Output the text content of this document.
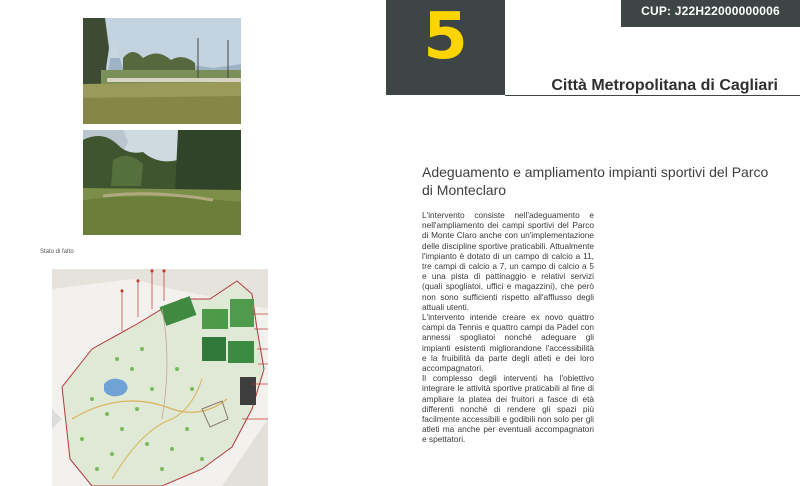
Stato di fatto
5	CUP: J22H22000000006
Città Metropolitana di Cagliari
Adeguamento e ampliamento impianti sportivi del Parco di Monteclaro

L'intervento consiste nell'adeguamento e nell'ampliamento dei campi sportivi del Parco di Monte Claro anche con un'implementazione delle discipline sportive praticabili. Attualmente l'impianto è dotato di un campo di calcio a 11, tre campi di calcio a 7, un campo di calcio a 5 e una pista di pattinaggio e relativi servizi (quali spogliatoi, uffici e magazzini), che però non sono sufficienti rispetto all'afflusso degli attuali utenti.

L'intervento intende creare ex novo quattro campi da Tennis e quattro campi da Padel con annessi spogliatoi nonché adeguare gli impianti esistenti migliorandone l'accessibilità e la fruibilità da parte degli atleti e dei loro accompagnatori.

Il complesso degli interventi ha l'obiettivo integrare le attività sportive praticabili al fine di ampliare la platea dei fruitori a fasce di età differenti nonché di rendere gli spazi più facilmente accessibili e godibili non solo per gli atleti ma anche per eventuali accompagnatori e spettatori.
